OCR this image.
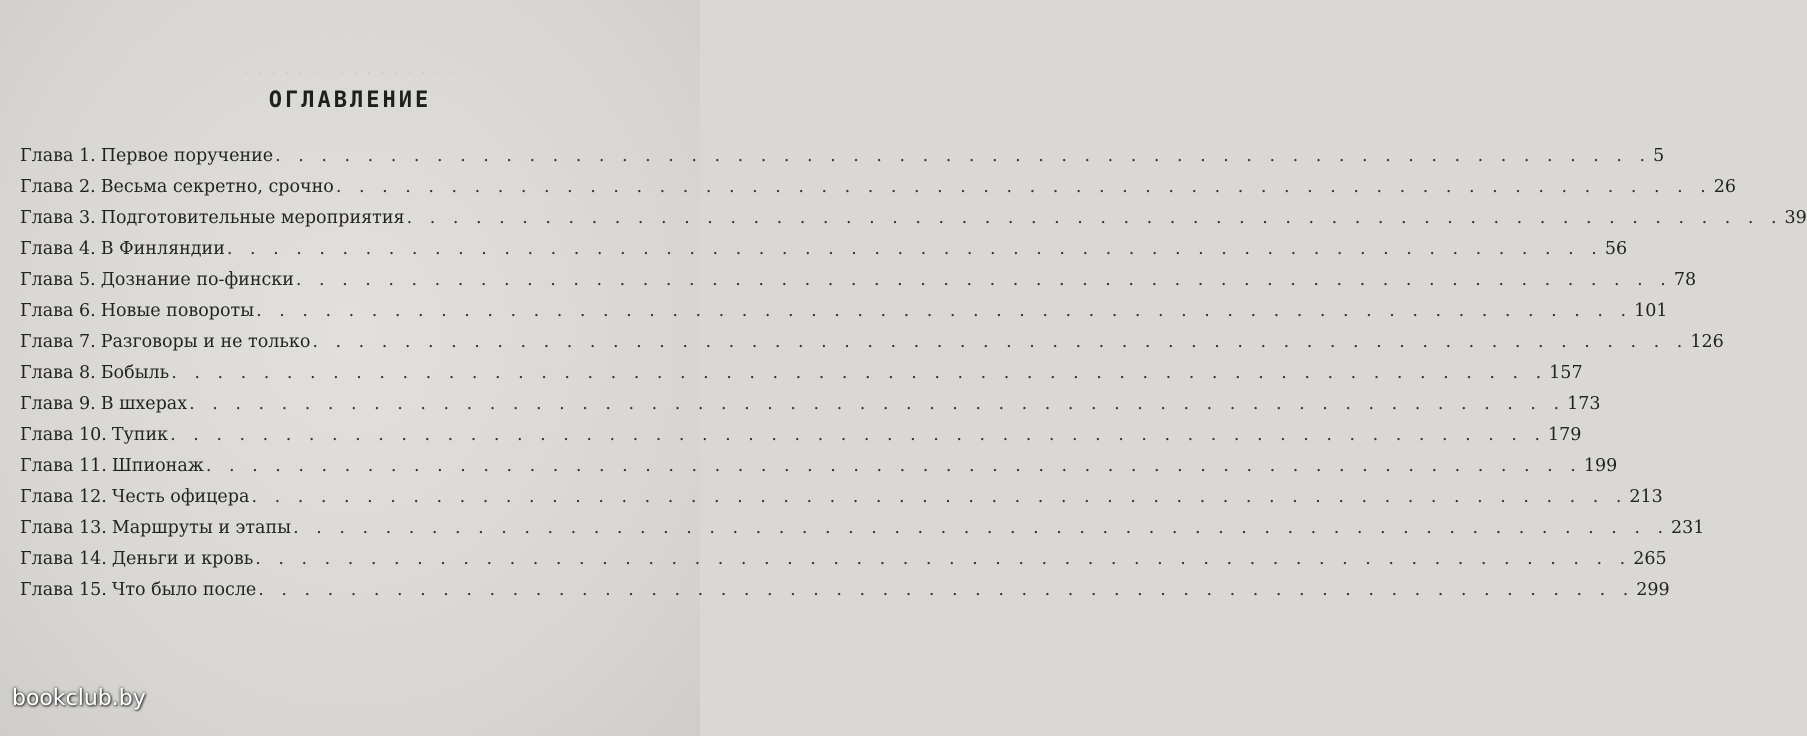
· · · · · · · ·
· · · · · · · · · · · · · · · ·
ОГЛАВЛЕНИЕ
Глава 1. Первое поручение . . . . . . . . . . . . . . . . . . . . . . . . . . . . . . . . . . . . . . . . . . . . . . . . . . . . . . . . . . . . 5
Глава 2. Весьма секретно, срочно . . . . . . . . . . . . . . . . . . . . . . . . . . . . . . . . . . . . . . . . . . . . . . . . . . . . . . . . . . . . 26
Глава 3. Подготовительные мероприятия . . . . . . . . . . . . . . . . . . . . . . . . . . . . . . . . . . . . . . . . . . . . . . . . . . . . . . . . . . . . 39
Глава 4. В Финляндии . . . . . . . . . . . . . . . . . . . . . . . . . . . . . . . . . . . . . . . . . . . . . . . . . . . . . . . . . . . . 56
Глава 5. Дознание по-фински . . . . . . . . . . . . . . . . . . . . . . . . . . . . . . . . . . . . . . . . . . . . . . . . . . . . . . . . . . . . 78
Глава 6. Новые повороты . . . . . . . . . . . . . . . . . . . . . . . . . . . . . . . . . . . . . . . . . . . . . . . . . . . . . . . . . . . . 101
Глава 7. Разговоры и не только . . . . . . . . . . . . . . . . . . . . . . . . . . . . . . . . . . . . . . . . . . . . . . . . . . . . . . . . . . . . 126
Глава 8. Бобыль . . . . . . . . . . . . . . . . . . . . . . . . . . . . . . . . . . . . . . . . . . . . . . . . . . . . . . . . . . . . 157
Глава 9. В шхерах . . . . . . . . . . . . . . . . . . . . . . . . . . . . . . . . . . . . . . . . . . . . . . . . . . . . . . . . . . . . 173
Глава 10. Тупик . . . . . . . . . . . . . . . . . . . . . . . . . . . . . . . . . . . . . . . . . . . . . . . . . . . . . . . . . . . . 179
Глава 11. Шпионаж . . . . . . . . . . . . . . . . . . . . . . . . . . . . . . . . . . . . . . . . . . . . . . . . . . . . . . . . . . . . 199
Глава 12. Честь офицера . . . . . . . . . . . . . . . . . . . . . . . . . . . . . . . . . . . . . . . . . . . . . . . . . . . . . . . . . . . . 213
Глава 13. Маршруты и этапы . . . . . . . . . . . . . . . . . . . . . . . . . . . . . . . . . . . . . . . . . . . . . . . . . . . . . . . . . . . . 231
Глава 14. Деньги и кровь . . . . . . . . . . . . . . . . . . . . . . . . . . . . . . . . . . . . . . . . . . . . . . . . . . . . . . . . . . . . 265
Глава 15. Что было после . . . . . . . . . . . . . . . . . . . . . . . . . . . . . . . . . . . . . . . . . . . . . . . . . . . . . . . . . . . . 299
bookclub.by
